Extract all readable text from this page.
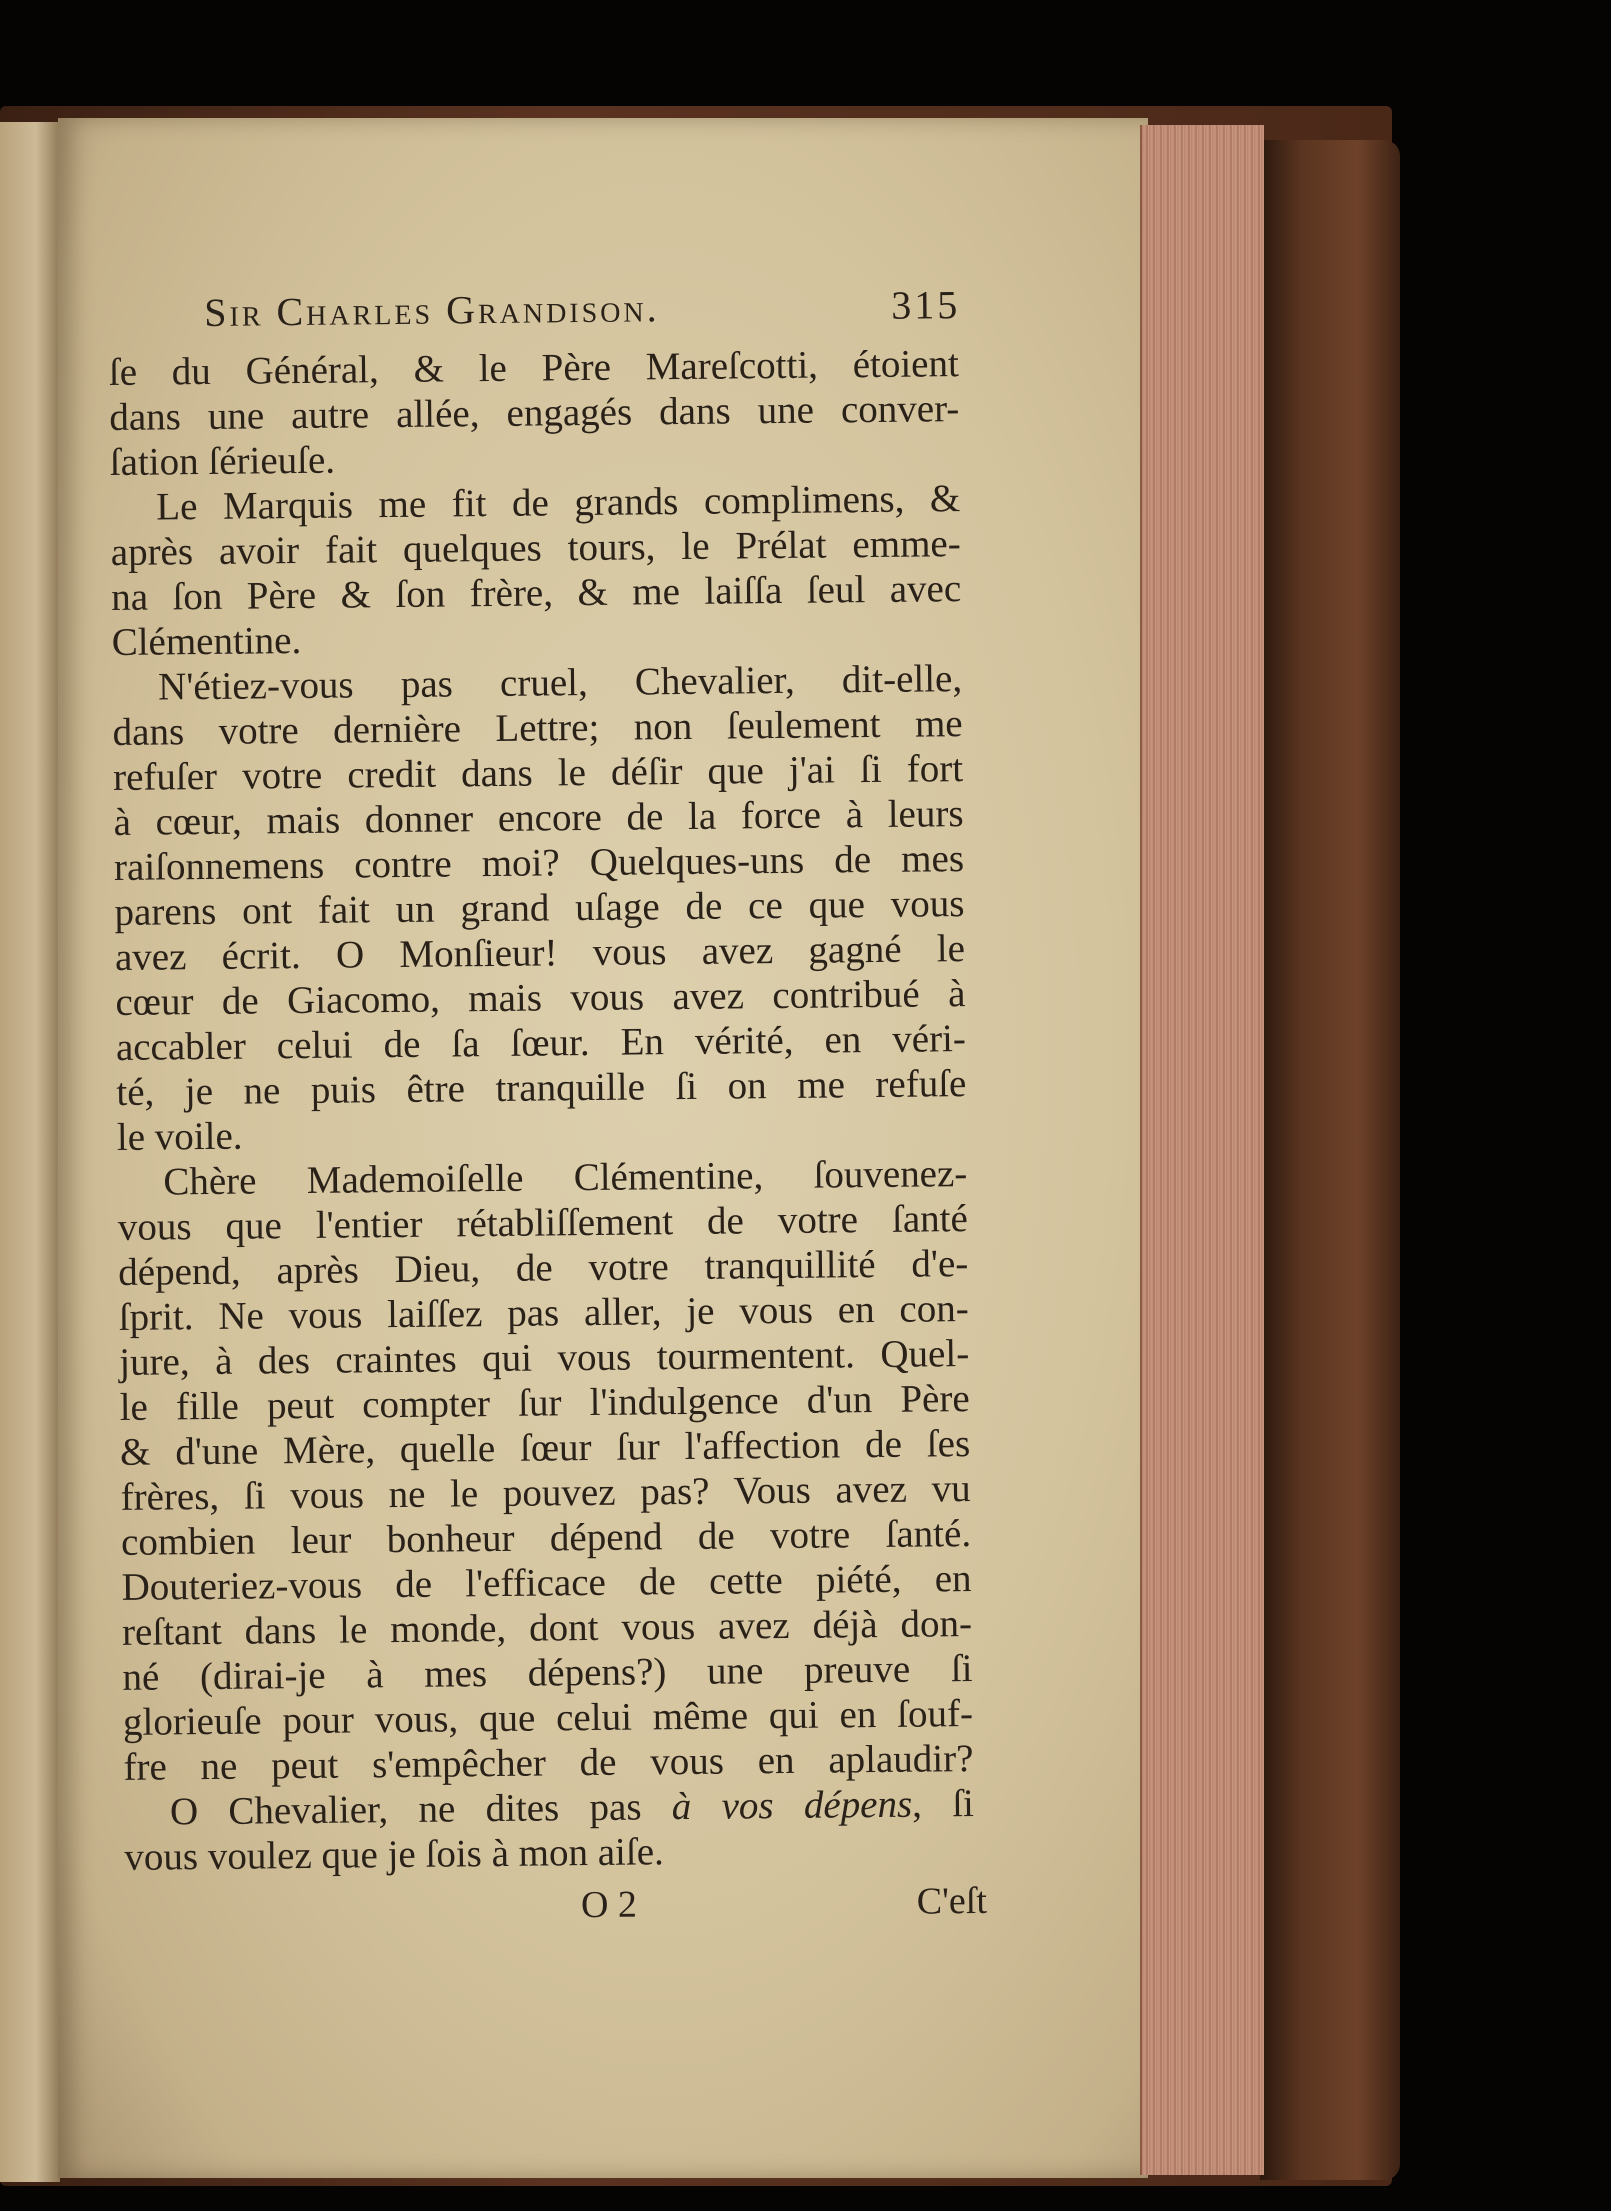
Sir Charles Grandison.	315
ſe du Général, & le Père Mareſcotti, étoient
dans une autre allée, engagés dans une conver-
ſation ſérieuſe.
Le Marquis me fit de grands complimens, &
après avoir fait quelques tours, le Prélat emme-
na ſon Père & ſon frère, & me laiſſa ſeul avec
Clémentine.
N'étiez-vous pas cruel, Chevalier, dit-elle,
dans votre dernière Lettre; non ſeulement me
refuſer votre credit dans le déſir que j'ai ſi fort
à cœur, mais donner encore de la force à leurs
raiſonnemens contre moi? Quelques-uns de mes
parens ont fait un grand uſage de ce que vous
avez écrit. O Monſieur! vous avez gagné le
cœur de Giacomo, mais vous avez contribué à
accabler celui de ſa ſœur. En vérité, en véri-
té, je ne puis être tranquille ſi on me refuſe
le voile.
Chère Mademoiſelle Clémentine, ſouvenez-
vous que l'entier rétabliſſement de votre ſanté
dépend, après Dieu, de votre tranquillité d'e-
ſprit. Ne vous laiſſez pas aller, je vous en con-
jure, à des craintes qui vous tourmentent. Quel-
le fille peut compter ſur l'indulgence d'un Père
& d'une Mère, quelle ſœur ſur l'affection de ſes
frères, ſi vous ne le pouvez pas? Vous avez vu
combien leur bonheur dépend de votre ſanté.
Douteriez-vous de l'efficace de cette piété, en
reſtant dans le monde, dont vous avez déjà don-
né (dirai-je à mes dépens?) une preuve ſi
glorieuſe pour vous, que celui même qui en ſouf-
fre ne peut s'empêcher de vous en aplaudir?
O Chevalier, ne dites pas à vos dépens, ſi
vous voulez que je ſois à mon aiſe.
O 2	C'eſt
